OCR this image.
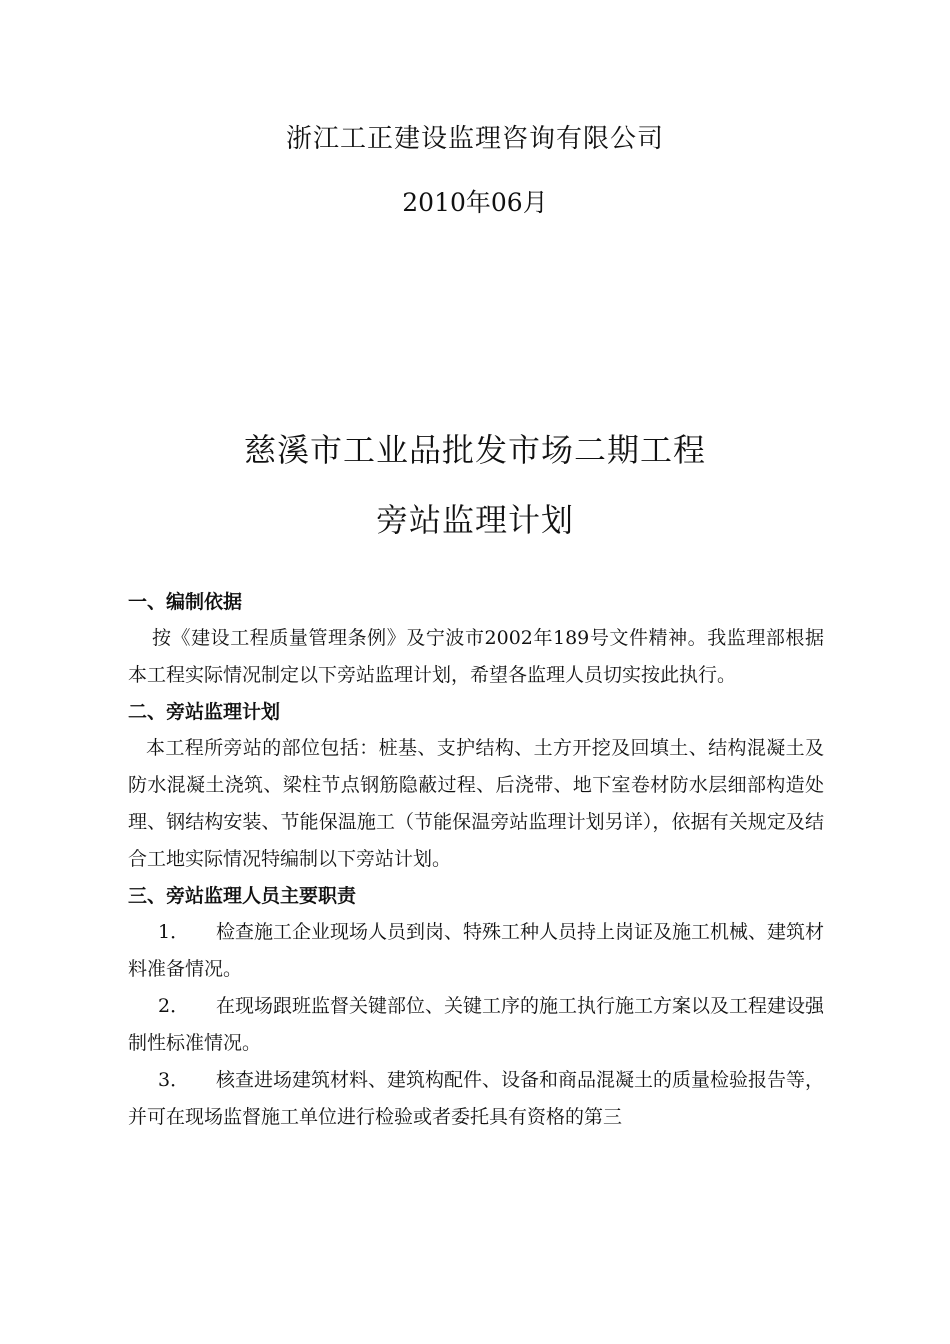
浙江工正建设监理咨询有限公司
2010年06月
慈溪市工业品批发市场二期工程
旁站监理计划

一、编制依据

按《建设工程质量管理条例》及宁波市2002年189号文件精神。我监理部根据本工程实际情况制定以下旁站监理计划，希望各监理人员切实按此执行。

二、旁站监理计划

本工程所旁站的部位包括：桩基、支护结构、土方开挖及回填土、结构混凝土及防水混凝土浇筑、梁柱节点钢筋隐蔽过程、后浇带、地下室卷材防水层细部构造处理、钢结构安装、节能保温施工（节能保温旁站监理计划另详），依据有关规定及结合工地实际情况特编制以下旁站计划。

三、旁站监理人员主要职责

1． 检查施工企业现场人员到岗、特殊工种人员持上岗证及施工机械、建筑材料准备情况。

2． 在现场跟班监督关键部位、关键工序的施工执行施工方案以及工程建设强制性标准情况。

3． 核查进场建筑材料、建筑构配件、设备和商品混凝土的质量检验报告等，并可在现场监督施工单位进行检验或者委托具有资格的第三
